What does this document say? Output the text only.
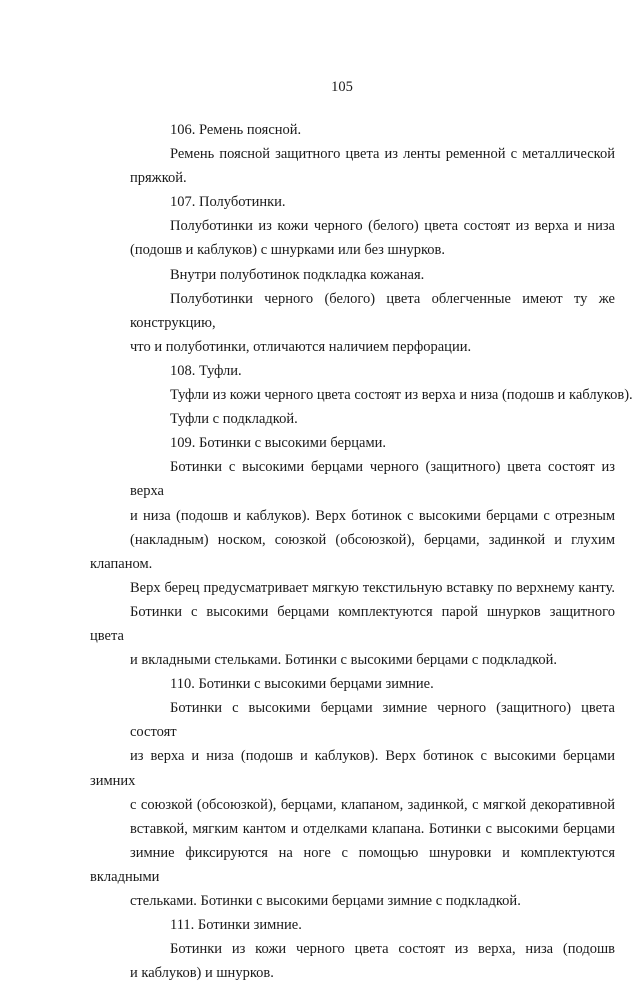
105
106. Ремень поясной.
Ремень поясной защитного цвета из ленты ременной с металлической
пряжкой.
107. Полуботинки.
Полуботинки из кожи черного (белого) цвета состоят из верха и низа
(подошв и каблуков) с шнурками или без шнурков.
Внутри полуботинок подкладка кожаная.
Полуботинки черного (белого) цвета облегченные имеют ту же конструкцию,
что и полуботинки, отличаются наличием перфорации.
108. Туфли.
Туфли из кожи черного цвета состоят из верха и низа (подошв и каблуков).
Туфли с подкладкой.
109. Ботинки с высокими берцами.
Ботинки с высокими берцами черного (защитного) цвета состоят из верха
и низа (подошв и каблуков). Верх ботинок с высокими берцами с отрезным
(накладным) носком, союзкой (обсоюзкой), берцами, задинкой и глухим клапаном.
Верх берец предусматривает мягкую текстильную вставку по верхнему канту.
Ботинки с высокими берцами комплектуются парой шнурков защитного цвета
и вкладными стельками. Ботинки с высокими берцами с подкладкой.
110. Ботинки с высокими берцами зимние.
Ботинки с высокими берцами зимние черного (защитного) цвета состоят
из верха и низа (подошв и каблуков). Верх ботинок с высокими берцами зимних
с союзкой (обсоюзкой), берцами, клапаном, задинкой, с мягкой декоративной
вставкой, мягким кантом и отделками клапана. Ботинки с высокими берцами
зимние фиксируются на ноге с помощью шнуровки и комплектуются вкладными
стельками. Ботинки с высокими берцами зимние с подкладкой.
111. Ботинки зимние.
Ботинки из кожи черного цвета состоят из верха, низа (подошв
и каблуков) и шнурков.
